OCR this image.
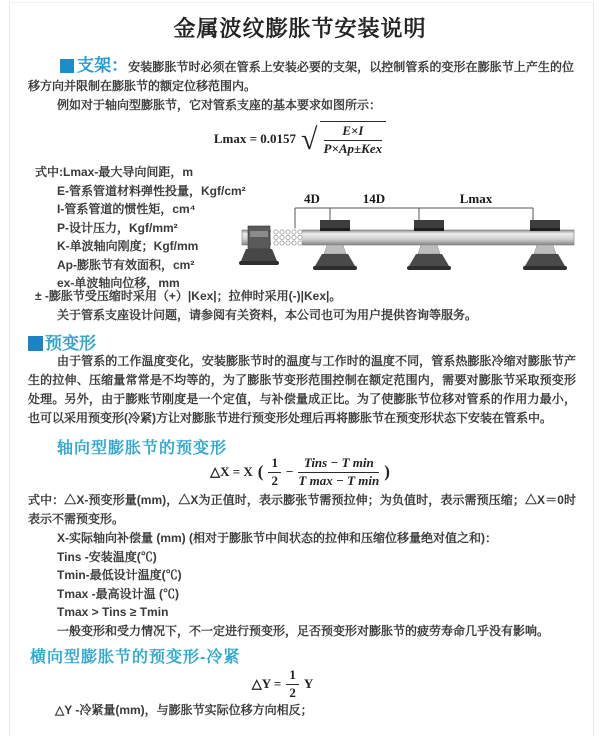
金属波纹膨胀节安装说明
支架：安装膨胀节时必须在管系上安装必要的支架，以控制管系的变形在膨胀节上产生的位移方向并限制在膨胀节的额定位移范围内。
例如对于轴向型膨胀节，它对管系支座的基本要求如图所示：
Lmax = 0.0157 √ $\frac{E\times I}{\text{P×Ap±Kex}}$
式中:Lmax-最大导向间距，m
E-管系管道材料弹性投量，Kgf/cm²
I-管系管道的惯性矩，cm⁴
P-设计压力，Kgf/mm²
K-单波轴向刚度；Kgf/mm
Ap-膨胀节有效面积，cm²
ex-单波轴向位移，mm
4D	14D	Lmax
± -膨胀节受压缩时采用（+）|Kex|；拉伸时采用(-)|Kex|。
关于管系支座设计问题，请参阅有关资料，本公司也可为用户提供咨询等服务。
预变形
由于管系的工作温度变化，安装膨胀节时的温度与工作时的温度不同，管系热膨胀冷缩对膨胀节产生的拉伸、压缩量常常是不均等的，为了膨胀节变形范围控制在额定范围内，需要对膨胀节采取预变形处理。另外，由于膨账节刚度是一个定值，与补偿量成正比。为了使膨胀节位移对管系的作用力最小，也可以采用预变形(冷紧)方让对膨胀节进行预变形处理后再将膨胀节在预变形状态下安装在管系中。
轴向型膨胀节的预变形
△X = X ( $\frac{1}{2} - \frac{\text{Tins − T min}}{\text{T max − T min}}$ )
式中：△X-预变形量(mm)，△X为正值时，表示膨张节需预拉伸；为负值时，表示需预压缩；△X＝0时表示不需预变形。
X-实际轴向补偿量 (mm) (相对于膨胀节中间状态的拉伸和压缩位移量绝对值之和)：
Tins -安装温度(℃)
Tmin-最低设计温度(℃)
Tmax -最高设计温 (℃)
Tmax > Tins ≥ Tmin
一般变形和受力情况下，不一定进行预变形，足否预变形对膨胀节的疲劳寿命几乎没有影响。
横向型膨胀节的预变形-冷紧
△Y = $\frac{1}{2}$ Y
△Y -冷紧量(mm)，与膨胀节实际位移方向相反；
